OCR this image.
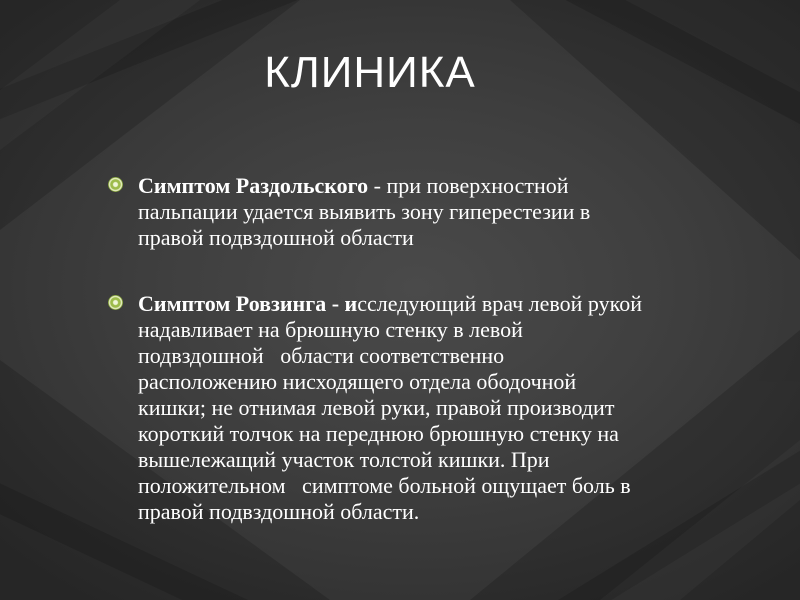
КЛИНИКА
Симптом Раздольского - при поверхностной
пальпации удается выявить зону гиперестезии в
правой подвздошной области
Симптом Ровзинга - исследующий врач левой рукой
надавливает на брюшную стенку в левой
подвздошной   области соответственно
расположению нисходящего отдела ободочной
кишки; не отнимая левой руки, правой производит
короткий толчок на переднюю брюшную стенку на
вышележащий участок толстой кишки. При
положительном   симптоме больной ощущает боль в
правой подвздошной области.
